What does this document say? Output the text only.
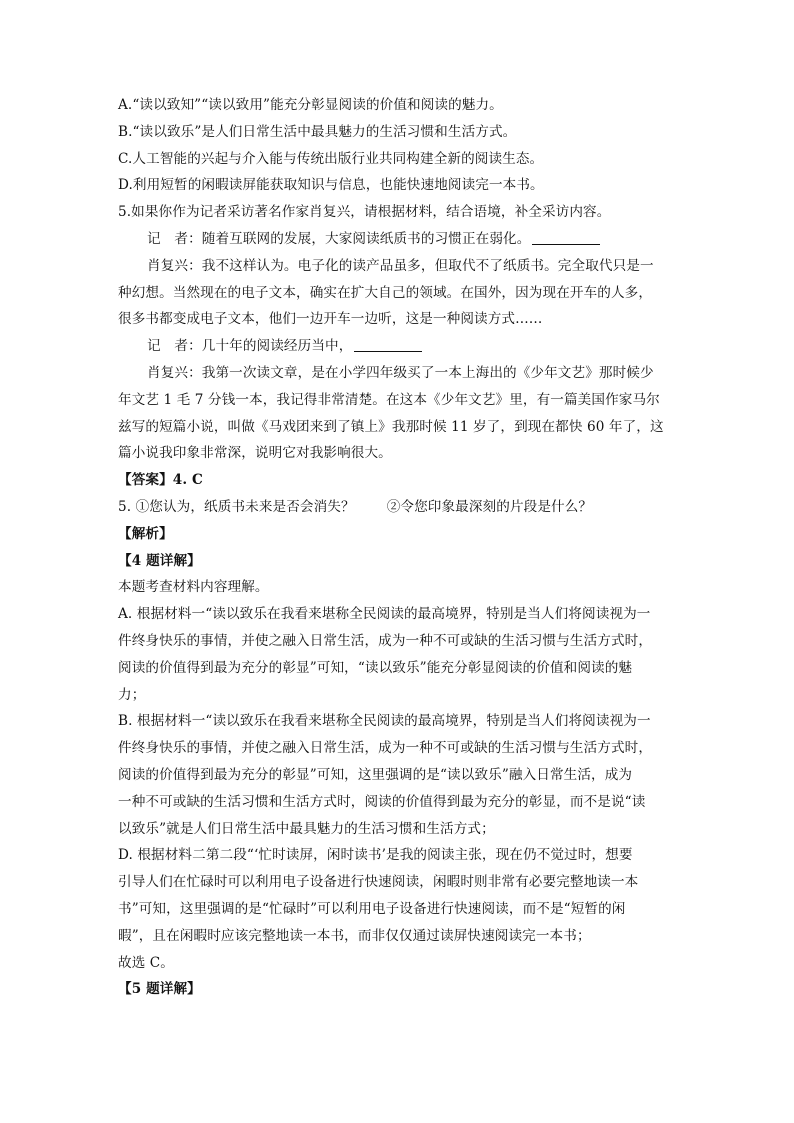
A.“读以致知”“读以致用”能充分彰显阅读的价值和阅读的魅力。
B.“读以致乐”是人们日常生活中最具魅力的生活习惯和生活方式。
C.人工智能的兴起与介入能与传统出版行业共同构建全新的阅读生态。
D.利用短暂的闲暇读屏能获取知识与信息，也能快速地阅读完一本书。
5.如果你作为记者采访著名作家肖复兴，请根据材料，结合语境，补全采访内容。
记　者：随着互联网的发展，大家阅读纸质书的习惯正在弱化。
肖复兴：我不这样认为。电子化的读产品虽多，但取代不了纸质书。完全取代只是一
种幻想。当然现在的电子文本，确实在扩大自己的领域。在国外，因为现在开车的人多，
很多书都变成电子文本，他们一边开车一边听，这是一种阅读方式……
记　者：几十年的阅读经历当中，
肖复兴：我第一次读文章，是在小学四年级买了一本上海出的《少年文艺》那时候少
年文艺 1 毛 7 分钱一本，我记得非常清楚。在这本《少年文艺》里，有一篇美国作家马尔
兹写的短篇小说，叫做《马戏团来到了镇上》我那时候 11 岁了，到现在都快 60 年了，这
篇小说我印象非常深，说明它对我影响很大。
【答案】4. C
5. ①您认为，纸质书未来是否会消失？ ②令您印象最深刻的片段是什么？
【解析】
【4 题详解】
本题考查材料内容理解。
A. 根据材料一“读以致乐在我看来堪称全民阅读的最高境界，特别是当人们将阅读视为一
件终身快乐的事情，并使之融入日常生活，成为一种不可或缺的生活习惯与生活方式时，
阅读的价值得到最为充分的彰显”可知，“读以致乐”能充分彰显阅读的价值和阅读的魅
力；
B. 根据材料一“读以致乐在我看来堪称全民阅读的最高境界，特别是当人们将阅读视为一
件终身快乐的事情，并使之融入日常生活，成为一种不可或缺的生活习惯与生活方式时，
阅读的价值得到最为充分的彰显”可知，这里强调的是“读以致乐”融入日常生活，成为
一种不可或缺的生活习惯和生活方式时，阅读的价值得到最为充分的彰显，而不是说“读
以致乐”就是人们日常生活中最具魅力的生活习惯和生活方式；
D. 根据材料二第二段“‘忙时读屏，闲时读书’是我的阅读主张，现在仍不觉过时，想要
引导人们在忙碌时可以利用电子设备进行快速阅读，闲暇时则非常有必要完整地读一本
书”可知，这里强调的是“忙碌时”可以利用电子设备进行快速阅读，而不是“短暂的闲
暇”，且在闲暇时应该完整地读一本书，而非仅仅通过读屏快速阅读完一本书；
故选 C。
【5 题详解】
